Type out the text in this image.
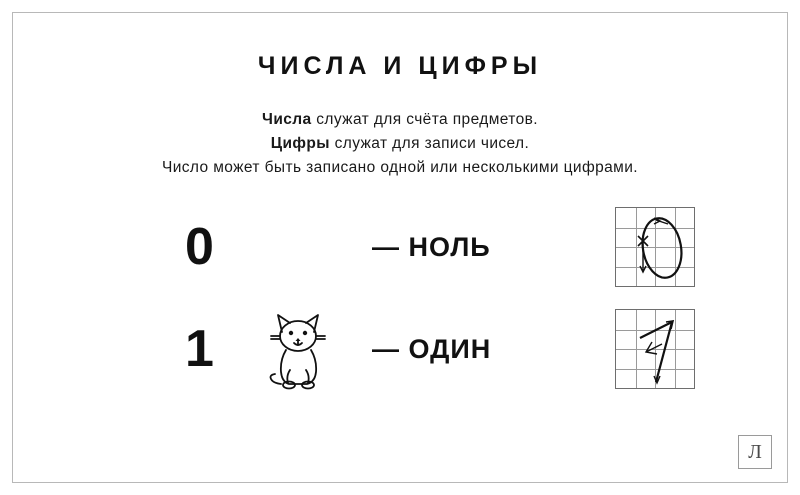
ЧИСЛА И ЦИФРЫ
Числа служат для счёта предметов.
Цифры служат для записи чисел.
Число может быть записано одной или несколькими цифрами.
0	— НОЛЬ
1	— ОДИН
Л
